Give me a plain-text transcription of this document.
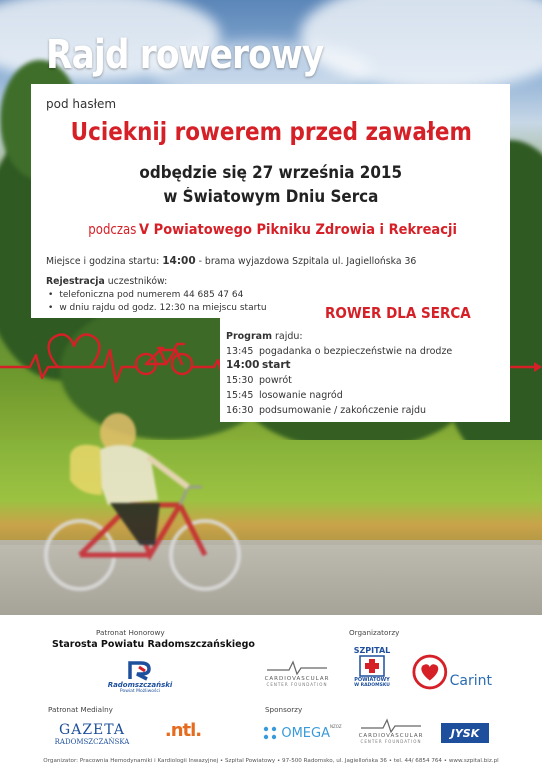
Rajd rowerowy
pod hasłem
Ucieknij rowerem przed zawałem
odbędzie się 27 września 2015
w Światowym Dniu Serca
podczasV Powiatowego Pikniku Zdrowia i Rekreacji
Miejsce i godzina startu: 14:00 - brama wyjazdowa Szpitala ul. Jagiellońska 36
Rejestracja uczestników:
• telefoniczna pod numerem 44 685 47 64
• w dniu rajdu od godz. 12:30 na miejscu startu	ROWER DLA SERCA
Program rajdu:
13:45 pogadanka o bezpieczeństwie na drodze
14:00 start
15:30 powrót
15:45 losowanie nagród
16:30 podsumowanie / zakończenie rajdu
Patronat Honorowy
Starosta Powiatu Radomszczańskiego
Radomszczański
Powiat Możliwości
Organizatorzy
CARDIOVASCULAR
CENTER FOUNDATION
SZPITAL
POWIATOWY
W RADOMSKU	Carint
Patronat Medialny
GAZETA
RADOMSZCZAŃSKA
.ntl.
Sponsorzy
OMEGA NZOZ
CARDIOVASCULAR
CENTER FOUNDATION
JYSK
Organizator: Pracownia Hemodynamiki i Kardiologii Inwazyjnej • Szpital Powiatowy • 97-500 Radomsko, ul. Jagiellońska 36 • tel. 44/ 6854 764 • www.szpital.biz.pl
